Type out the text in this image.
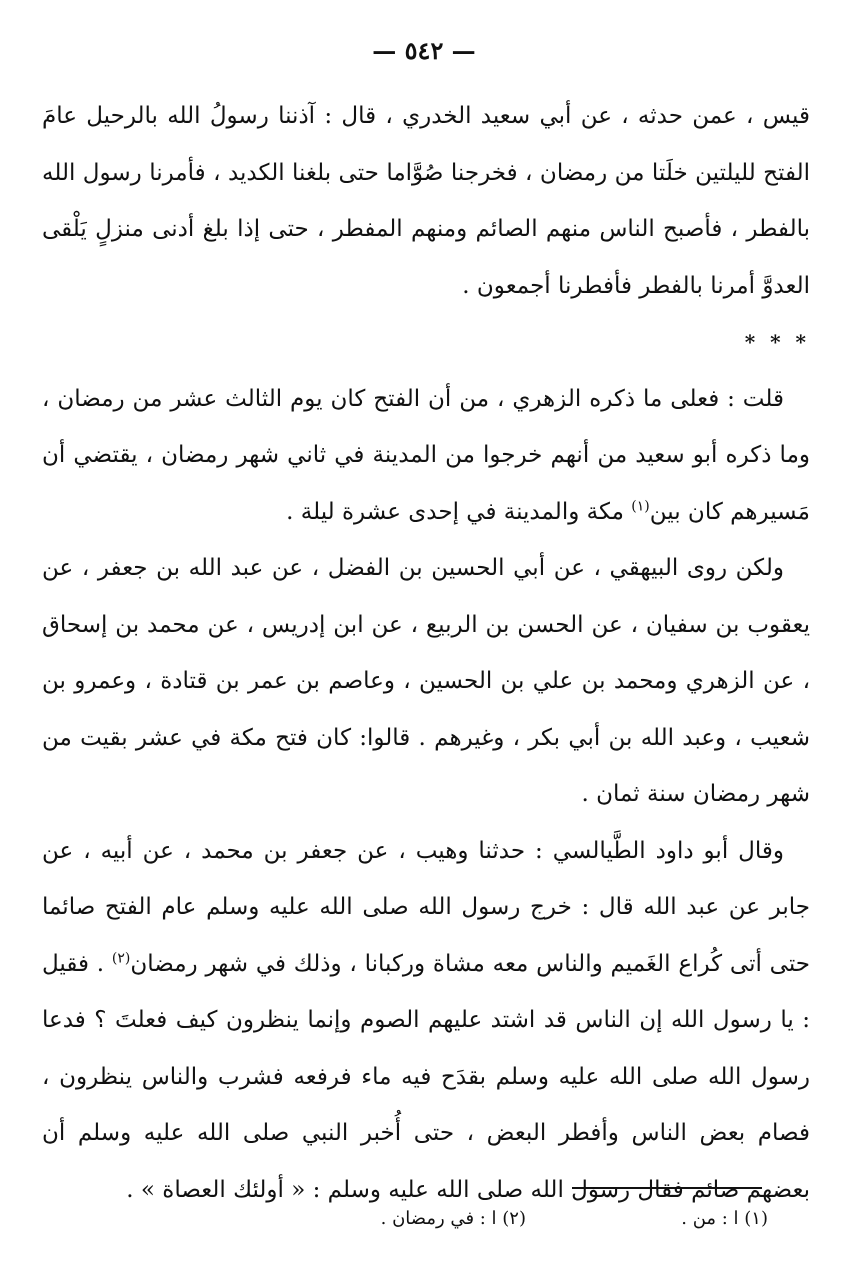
— ٥٤٢ —

قيس ، عمن حدثه ، عن أبي سعيد الخدري ، قال : آذننا رسولُ الله بالرحيل عامَ الفتح لليلتين خلَتا من رمضان ، فخرجنا صُوَّاما حتى بلغنا الكديد ، فأمرنا رسول الله بالفطر ، فأصبح الناس منهم الصائم ومنهم المفطر ، حتى إذا بلغ أدنى منزلٍ يَلْقى العدوَّ أمرنا بالفطر فأفطرنا أجمعون .

* * *

قلت : فعلى ما ذكره الزهري ، من أن الفتح كان يوم الثالث عشر من رمضان ، وما ذكره أبو سعيد من أنهم خرجوا من المدينة في ثاني شهر رمضان ، يقتضي أن مَسيرهم كان بين$^{(١)}$ مكة والمدينة في إحدى عشرة ليلة .

ولكن روى البيهقي ، عن أبي الحسين بن الفضل ، عن عبد الله بن جعفر ، عن يعقوب بن سفيان ، عن الحسن بن الربيع ، عن ابن إدريس ، عن محمد بن إسحاق ، عن الزهري ومحمد بن علي بن الحسين ، وعاصم بن عمر بن قتادة ، وعمرو بن شعيب ، وعبد الله بن أبي بكر ، وغيرهم . قالوا: كان فتح مكة في عشر بقيت من شهر رمضان سنة ثمان .

وقال أبو داود الطَّيالسي : حدثنا وهيب ، عن جعفر بن محمد ، عن أبيه ، عن جابر عن عبد الله قال : خرج رسول الله صلى الله عليه وسلم عام الفتح صائما حتى أتى كُراع الغَميم والناس معه مشاة وركبانا ، وذلك في شهر رمضان$^{(٢)}$ . فقيل : يا رسول الله إن الناس قد اشتد عليهم الصوم وإنما ينظرون كيف فعلتَ ؟ فدعا رسول الله صلى الله عليه وسلم بقدَح فيه ماء فرفعه فشرب والناس ينظرون ، فصام بعض الناس وأفطر البعض ، حتى أُخبر النبي صلى الله عليه وسلم أن بعضهم صائم فقال رسول الله صلى الله عليه وسلم : « أولئك العصاة » .

(١) ا : من .
(٢) ا : في رمضان .
